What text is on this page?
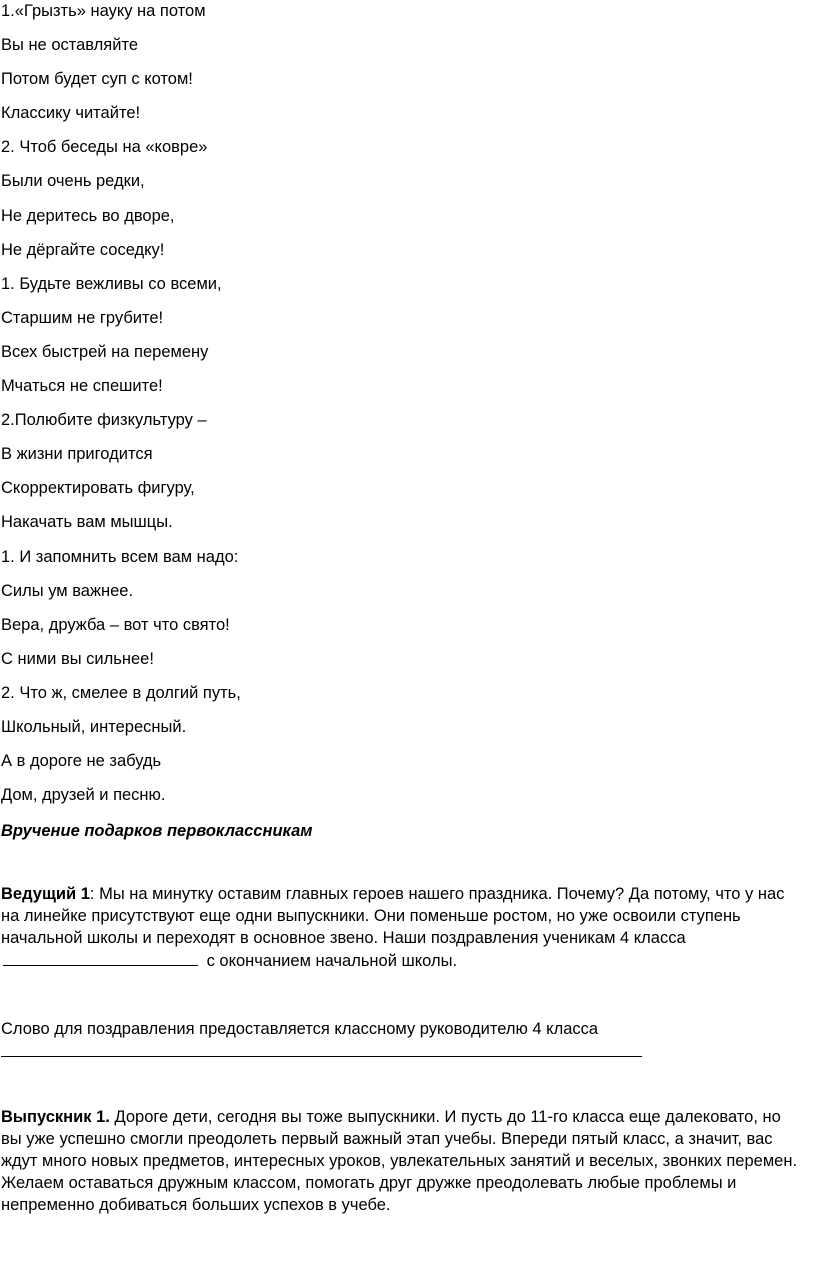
1.«Грызть» науку на потом
Вы не оставляйте
Потом будет суп с котом!
Классику читайте!
2. Чтоб беседы на «ковре»
Были очень редки,
Не деритесь во дворе,
Не дёргайте соседку!
1. Будьте вежливы со всеми,
Старшим не грубите!
Всех быстрей на перемену
Мчаться не спешите!
2.Полюбите физкультуру –
В жизни пригодится
Скорректировать фигуру,
Накачать вам мышцы.
1. И запомнить всем вам надо:
Силы ум важнее.
Вера, дружба – вот что свято!
С ними вы сильнее!
2. Что ж, смелее в долгий путь,
Школьный, интересный.
А в дороге не забудь
Дом, друзей и песню.
Вручение подарков первоклассникам
Ведущий 1: Мы на минутку оставим главных героев нашего праздника. Почему? Да потому, что у нас на линейке присутствуют еще одни выпускники. Они поменьше ростом, но уже освоили ступень начальной школы и переходят в основное звено. Наши поздравления ученикам 4 класса  с окончанием начальной школы.
Слово для поздравления предоставляется классному руководителю 4 класса
Выпускник 1. Дороге дети, сегодня вы тоже выпускники. И пусть до 11-го класса еще далековато, но вы уже успешно смогли преодолеть первый важный этап учебы. Впереди пятый класс, а значит, вас ждут много новых предметов, интересных уроков, увлекательных занятий и веселых, звонких перемен. Желаем оставаться дружным классом, помогать друг дружке преодолевать любые проблемы и непременно добиваться больших успехов в учебе.
